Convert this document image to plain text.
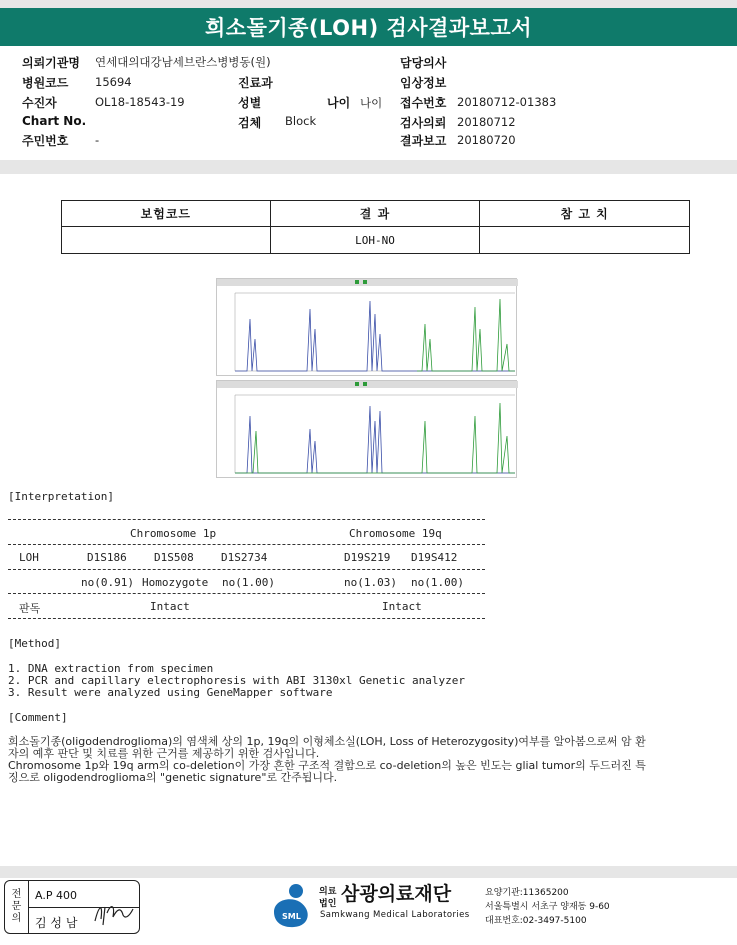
희소돌기종(LOH) 검사결과보고서
의뢰기관명 연세대의대강남세브란스병병동(원)
병원코드 15694	진료과
수진자	OL18-18543-19	성별	나이 나이
Chart No.	검체 Block
주민번호 -
담당의사
임상정보
접수번호 20180712-01383
검사의뢰 20180712
결과보고 20180720
보험코드	결 과	참 고 치
	LOH-NO	
[Interpretation]
Chromosome 1p	Chromosome 19q
LOH	D1S186 D1S508 D1S2734	D19S219 D19S412
no(0.91) Homozygote no(1.00)	no(1.03) no(1.00)
판독	Intact	Intact
[Method]
1. DNA extraction from specimen
2. PCR and capillary electrophoresis with ABI 3130xl Genetic analyzer
3. Result were analyzed using GeneMapper software
[Comment]
희소돌기종(oligodendroglioma)의 염색체 상의 1p, 19q의 이형체소실(LOH, Loss of Heterozygosity)여부를 알아봄으로써 암 환
자의 예후 판단 및 치료를 위한 근거를 제공하기 위한 검사입니다.
Chromosome 1p와 19q arm의 co-deletion이 가장 흔한 구조적 결함으로 co-deletion의 높은 빈도는 glial tumor의 두드러진 특
징으로 oligodendroglioma의 "genetic signature"로 간주됩니다.
전
문
의
A.P 400
김 성 남	SML
의료
법인 삼광의료재단
Samkwang Medical Laboratories
요양기관:11365200
서울특별시 서초구 양재동 9-60
대표번호:02-3497-5100
